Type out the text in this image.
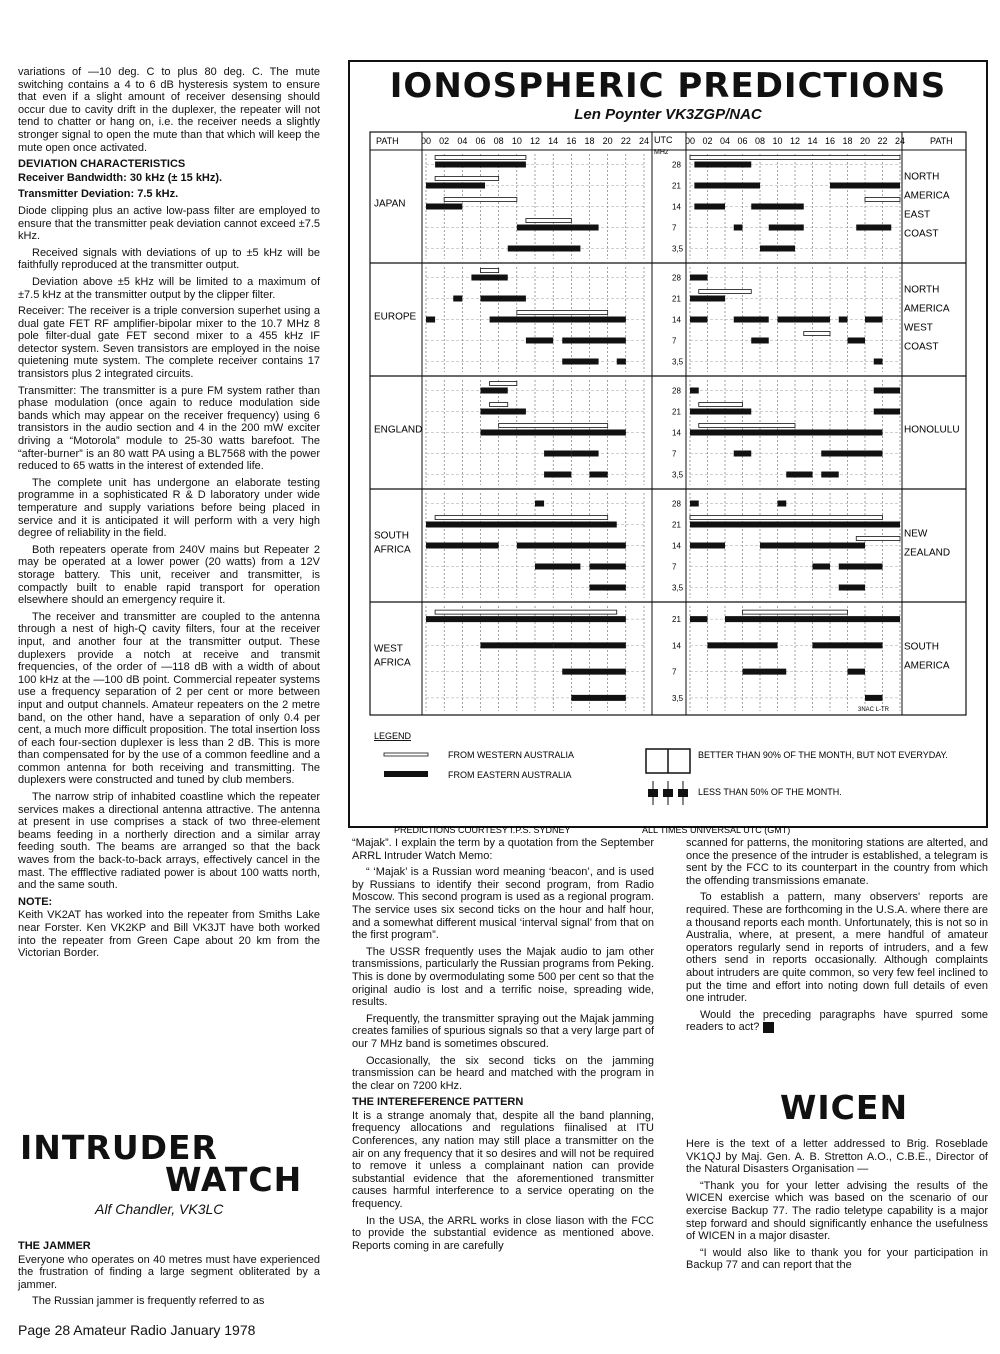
variations of —10 deg. C to plus 80 deg. C. The mute switching contains a 4 to 6 dB hysteresis system to ensure that even if a slight amount of receiver desensing should occur due to cavity drift in the duplexer, the repeater will not tend to chatter or hang on, i.e. the receiver needs a slightly stronger signal to open the mute than that which will keep the mute open once activated.

DEVIATION CHARACTERISTICS

Receiver Bandwidth: 30 kHz (± 15 kHz).

Transmitter Deviation: 7.5 kHz.

Diode clipping plus an active low-pass filter are employed to ensure that the transmitter peak deviation cannot exceed ±7.5 kHz.

Received signals with deviations of up to ±5 kHz will be faithfully reproduced at the transmitter output.

Deviation above ±5 kHz will be limited to a maximum of ±7.5 kHz at the transmitter output by the clipper filter.

Receiver: The receiver is a triple conversion superhet using a dual gate FET RF amplifier-bipolar mixer to the 10.7 MHz 8 pole filter-dual gate FET second mixer to a 455 kHz IF detector system. Seven transistors are employed in the noise quietening mute system. The complete receiver contains 17 transistors plus 2 integrated circuits.

Transmitter: The transmitter is a pure FM system rather than phase modulation (once again to reduce modulation side bands which may appear on the receiver frequency) using 6 transistors in the audio section and 4 in the 200 mW exciter driving a “Motorola” module to 25-30 watts barefoot. The “after-burner” is an 80 watt PA using a BL7568 with the power reduced to 65 watts in the interest of extended life.

The complete unit has undergone an elaborate testing programme in a sophisticated R & D laboratory under wide temperature and supply variations before being placed in service and it is anticipated it will perform with a very high degree of reliability in the field.

Both repeaters operate from 240V mains but Repeater 2 may be operated at a lower power (20 watts) from a 12V storage battery. This unit, receiver and transmitter, is compactly built to enable rapid transport for operation elsewhere should an emergency require it.

The receiver and transmitter are coupled to the antenna through a nest of high-Q cavity filters, four at the receiver input, and another four at the transmitter output. These duplexers provide a notch at receive and transmit frequencies, of the order of —118 dB with a width of about 100 kHz at the —100 dB point. Commercial repeater systems use a frequency separation of 2 per cent or more between input and output channels. Amateur repeaters on the 2 metre band, on the other hand, have a separation of only 0.4 per cent, a much more difficult proposition. The total insertion loss of each four-section duplexer is less than 2 dB. This is more than compensated for by the use of a common feedline and a common antenna for both receiving and transmitting. The duplexers were constructed and tuned by club members.

The narrow strip of inhabited coastline which the repeater services makes a directional antenna attractive. The antenna at present in use comprises a stack of two three-element beams feeding in a northerly direction and a similar array feeding south. The beams are arranged so that the back waves from the back-to-back arrays, effectively cancel in the mast. The effflective radiated power is about 100 watts north, and the same south.

NOTE:

Keith VK2AT has worked into the repeater from Smiths Lake near Forster. Ken VK2KP and Bill VK3JT have both worked into the repeater from Green Cape about 20 km from the Victorian Border.

INTRUDER
WATCH
Alf Chandler, VK3LC
THE JAMMER

Everyone who operates on 40 metres must have experienced the frustration of finding a large segment obliterated by a jammer.

The Russian jammer is frequently referred to as

IONOSPHERIC PREDICTIONS
Len Poynter VK3ZGP/NAC
PATH	PATH
UTC
MHz
00 02 04 06 08 10 12 14 16 18 20 22 24	00 02 04 06 08 10 12 14 16 18 20 22 24
28
21
14
7
3,5
JAPAN
NORTH
AMERICA
EAST
COAST
28
21
14
7
3,5
EUROPE
NORTH
AMERICA
WEST
COAST
28
21
14
7
3,5
ENGLAND	HONOLULU
28
21
14
7
3,5
SOUTH
AFRICA
NEW
ZEALAND
21
14
7
3,5
WEST
AFRICA
SOUTH
AMERICA
3NAC L-TR
LEGEND
FROM WESTERN AUSTRALIA
FROM EASTERN AUSTRALIA
BETTER THAN 90% OF THE MONTH, BUT NOT EVERYDAY.
LESS THAN 50% OF THE MONTH.
PREDICTIONS COURTESY I.P.S. SYDNEY	ALL TIMES UNIVERSAL UTC (GMT)

“Majak”. I explain the term by a quotation from the September ARRL Intruder Watch Memo:

“ ‘Majak’ is a Russian word meaning ‘beacon’, and is used by Russians to identify their second program, from Radio Moscow. This second program is used as a regional program. The service uses six second ticks on the hour and half hour, and a somewhat different musical ‘interval signal’ from that on the first program”.

The USSR frequently uses the Majak audio to jam other transmissions, particularly the Russian programs from Peking. This is done by overmodulating some 500 per cent so that the original audio is lost and a terrific noise, spreading wide, results.

Frequently, the transmitter spraying out the Majak jamming creates families of spurious signals so that a very large part of our 7 MHz band is sometimes obscured.

Occasionally, the six second ticks on the jamming transmission can be heard and matched with the program in the clear on 7200 kHz.

THE INTEREFERENCE PATTERN

It is a strange anomaly that, despite all the band planning, frequency allocations and regulations fiinalised at ITU Conferences, any nation may still place a transmitter on the air on any frequency that it so desires and will not be required to remove it unless a complainant nation can provide substantial evidence that the aforementioned transmitter causes harmful interference to a service operating on the frequency.

In the USA, the ARRL works in close liason with the FCC to provide the substantial evidence as mentioned above. Reports coming in are carefully

scanned for patterns, the monitoring stations are alterted, and once the presence of the intruder is established, a telegram is sent by the FCC to its counterpart in the country from which the offending transmissions emanate.

To establish a pattern, many observers' reports are required. These are forthcoming in the U.S.A. where there are a thousand reports each month. Unfortunately, this is not so in Australia, where, at present, a mere handful of amateur operators regularly send in reports of intruders, and a few others send in reports occasionally. Although complaints about intruders are quite common, so very few feel inclined to put the time and effort into noting down full details of even one intruder.

Would the preceding paragraphs have spurred some readers to act?

WICEN

Here is the text of a letter addressed to Brig. Roseblade VK1QJ by Maj. Gen. A. B. Stretton A.O., C.B.E., Director of the Natural Disasters Organisation —

“Thank you for your letter advising the results of the WICEN exercise which was based on the scenario of our exercise Backup 77. The radio teletype capability is a major step forward and should significantly enhance the usefulness of WICEN in a major disaster.

“I would also like to thank you for your participation in Backup 77 and can report that the

Page 28 Amateur Radio January 1978
